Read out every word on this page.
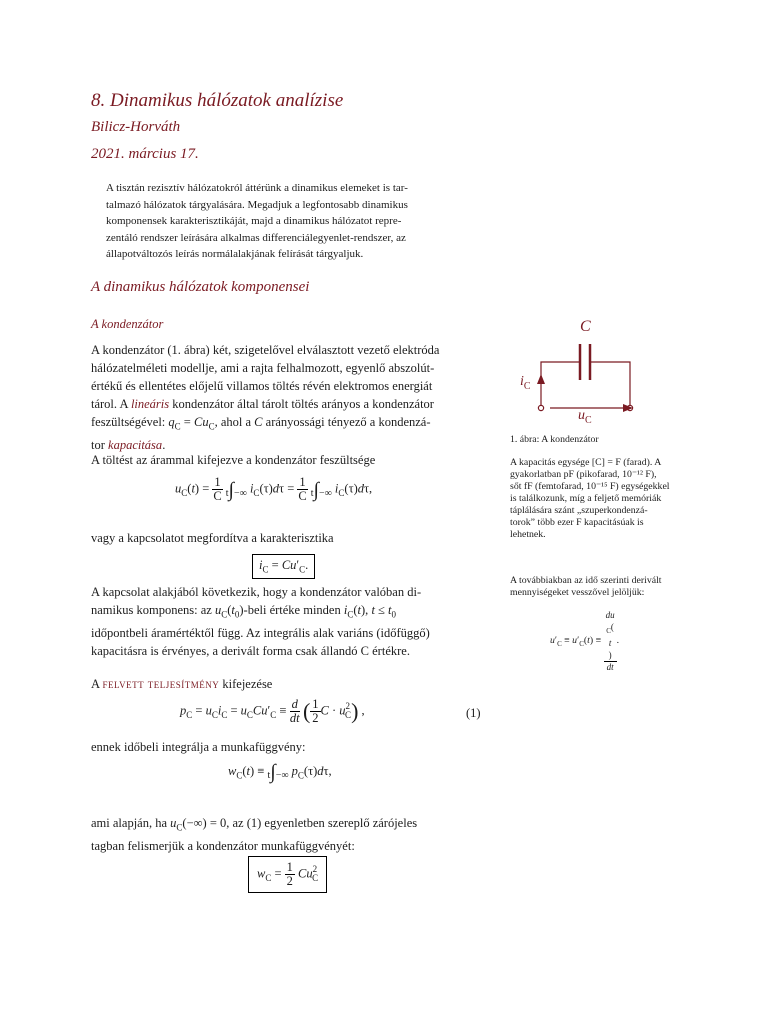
8. Dinamikus hálózatok analízise
Bilicz-Horváth
2021. március 17.
A tisztán rezisztív hálózatokról áttérünk a dinamikus elemeket is tar-
talmazó hálózatok tárgyalására. Megadjuk a legfontosabb dinamikus
komponensek karakterisztikáját, majd a dinamikus hálózatot repre-
zentáló rendszer leírására alkalmas differenciálegyenlet-rendszer, az
állapotváltozós leírás normálalakjának felírását tárgyaljuk.
A dinamikus hálózatok komponensei
A kondenzátor
A kondenzátor (1. ábra) két, szigetelővel elválasztott vezető elektróda
hálózatelméleti modellje, ami a rajta felhalmozott, egyenlő abszolút-
értékű és ellentétes előjelű villamos töltés révén elektromos energiát
tárol. A lineáris kondenzátor által tárolt töltés arányos a kondenzátor
feszültségével: $q_C = Cu_C$, ahol a C arányossági tényező a kondenzá-
tor kapacitása.
A töltést az árammal kifejezve a kondenzátor feszültsége
$u_C(t) = \frac{1}{C} t\int-\infty$ $i_C(\tau)d\tau = \frac{1}{C} t\int-\infty$ $i_C(\tau)d\tau$,
vagy a kapcsolatot megfordítva a karakterisztika
$i_C = Cu'_C$.
A kapcsolat alakjából következik, hogy a kondenzátor valóban di-
namikus komponens: az $u_C(t_0)$-beli értéke minden $i_C(t)$, $t \le t_0$
időpontbeli áramértéktől függ. Az integrális alak variáns (időfüggő)
kapacitásra is érvényes, a derivált forma csak állandó C értékre.
A felvett teljesítmény kifejezése
$p_C = u_Ci_C = u_CCu'_C \equiv \frac{d}{dt}$ ( $\frac{1}{2}$ $C \cdot u^2_C$) ,	(1)
ennek időbeli integrálja a munkafüggvény:
$w_C(t) \equiv t\int-\infty$ $p_C(\tau)d\tau$,
ami alapján, ha $u_C(-\infty) = 0$, az (1) egyenletben szereplő zárójeles
tagban felismerjük a kondenzátor munkafüggvényét:
$w_C = \frac{1}{2} Cu^2_C$
C
$i_C$
$u_C$
1. ábra: A kondenzátor
A kapacitás egysége [C] = F (farad). A
gyakorlatban pF (pikofarad, 10⁻¹² F),
sőt fF (femtofarad, 10⁻¹⁵ F) egységekkel
is találkozunk, míg a feljető memóriák
táplálására szánt „szuperkondenzá-
torok” több ezer F kapacitásúak is
lehetnek.
A továbbiakban az idő szerinti derivált
mennyiségeket vesszővel jelöljük:
$u'_C \equiv u'_C(t)$ ≡ du
$_C$(
t
)
dt .
